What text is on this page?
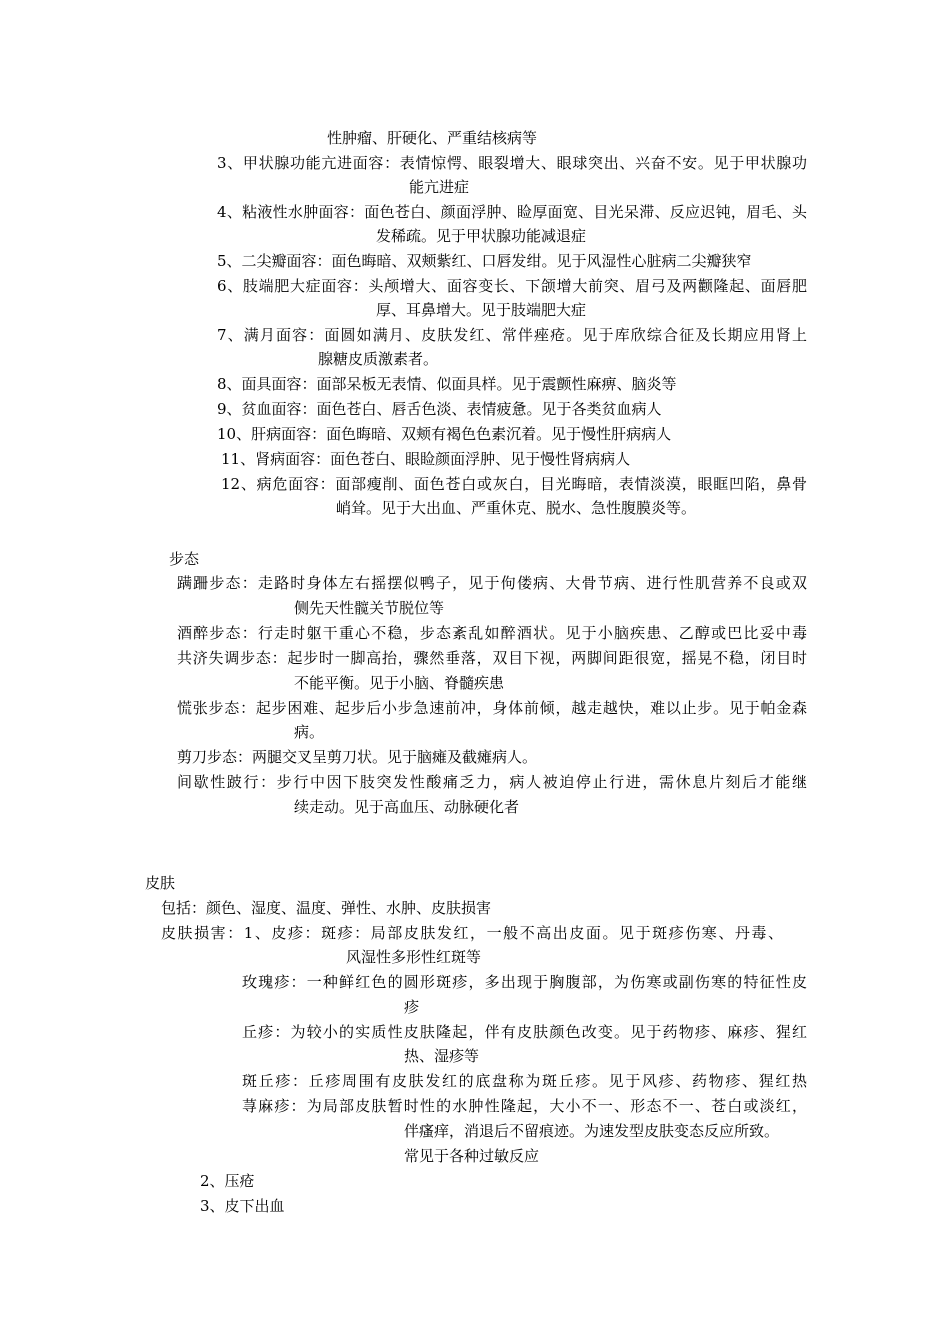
性肿瘤、肝硬化、严重结核病等
3、甲状腺功能亢进面容：表情惊愕、眼裂增大、眼球突出、兴奋不安。见于甲状腺功
能亢进症
4、粘液性水肿面容：面色苍白、颜面浮肿、睑厚面宽、目光呆滞、反应迟钝，眉毛、头
发稀疏。见于甲状腺功能减退症
5、二尖瓣面容：面色晦暗、双颊紫红、口唇发绀。见于风湿性心脏病二尖瓣狭窄
6、肢端肥大症面容：头颅增大、面容变长、下颌增大前突、眉弓及两颧隆起、面唇肥
厚、耳鼻增大。见于肢端肥大症
7、满月面容：面圆如满月、皮肤发红、常伴痤疮。见于库欣综合征及长期应用肾上
腺糖皮质激素者。
8、面具面容：面部呆板无表情、似面具样。见于震颤性麻痹、脑炎等
9、贫血面容：面色苍白、唇舌色淡、表情疲惫。见于各类贫血病人
10、肝病面容：面色晦暗、双颊有褐色色素沉着。见于慢性肝病病人
11、肾病面容：面色苍白、眼睑颜面浮肿、见于慢性肾病病人
12、病危面容：面部瘦削、面色苍白或灰白，目光晦暗，表情淡漠，眼眶凹陷，鼻骨
峭耸。见于大出血、严重休克、脱水、急性腹膜炎等。
步态
蹒跚步态：走路时身体左右摇摆似鸭子，见于佝偻病、大骨节病、进行性肌营养不良或双
侧先天性髋关节脱位等
酒醉步态：行走时躯干重心不稳，步态紊乱如醉酒状。见于小脑疾患、乙醇或巴比妥中毒
共济失调步态：起步时一脚高抬，骤然垂落，双目下视，两脚间距很宽，摇晃不稳，闭目时
不能平衡。见于小脑、脊髓疾患
慌张步态：起步困难、起步后小步急速前冲，身体前倾，越走越快，难以止步。见于帕金森
病。
剪刀步态：两腿交叉呈剪刀状。见于脑瘫及截瘫病人。
间歇性跛行：步行中因下肢突发性酸痛乏力，病人被迫停止行进，需休息片刻后才能继
续走动。见于高血压、动脉硬化者
皮肤
包括：颜色、湿度、温度、弹性、水肿、皮肤损害
皮肤损害：1、皮疹：斑疹：局部皮肤发红，一般不高出皮面。见于斑疹伤寒、丹毒、
风湿性多形性红斑等
玫瑰疹：一种鲜红色的圆形斑疹，多出现于胸腹部，为伤寒或副伤寒的特征性皮
疹
丘疹：为较小的实质性皮肤隆起，伴有皮肤颜色改变。见于药物疹、麻疹、猩红
热、湿疹等
斑丘疹：丘疹周围有皮肤发红的底盘称为斑丘疹。见于风疹、药物疹、猩红热
荨麻疹：为局部皮肤暂时性的水肿性隆起，大小不一、形态不一、苍白或淡红，
伴瘙痒，消退后不留痕迹。为速发型皮肤变态反应所致。
常见于各种过敏反应
2、压疮
3、皮下出血
